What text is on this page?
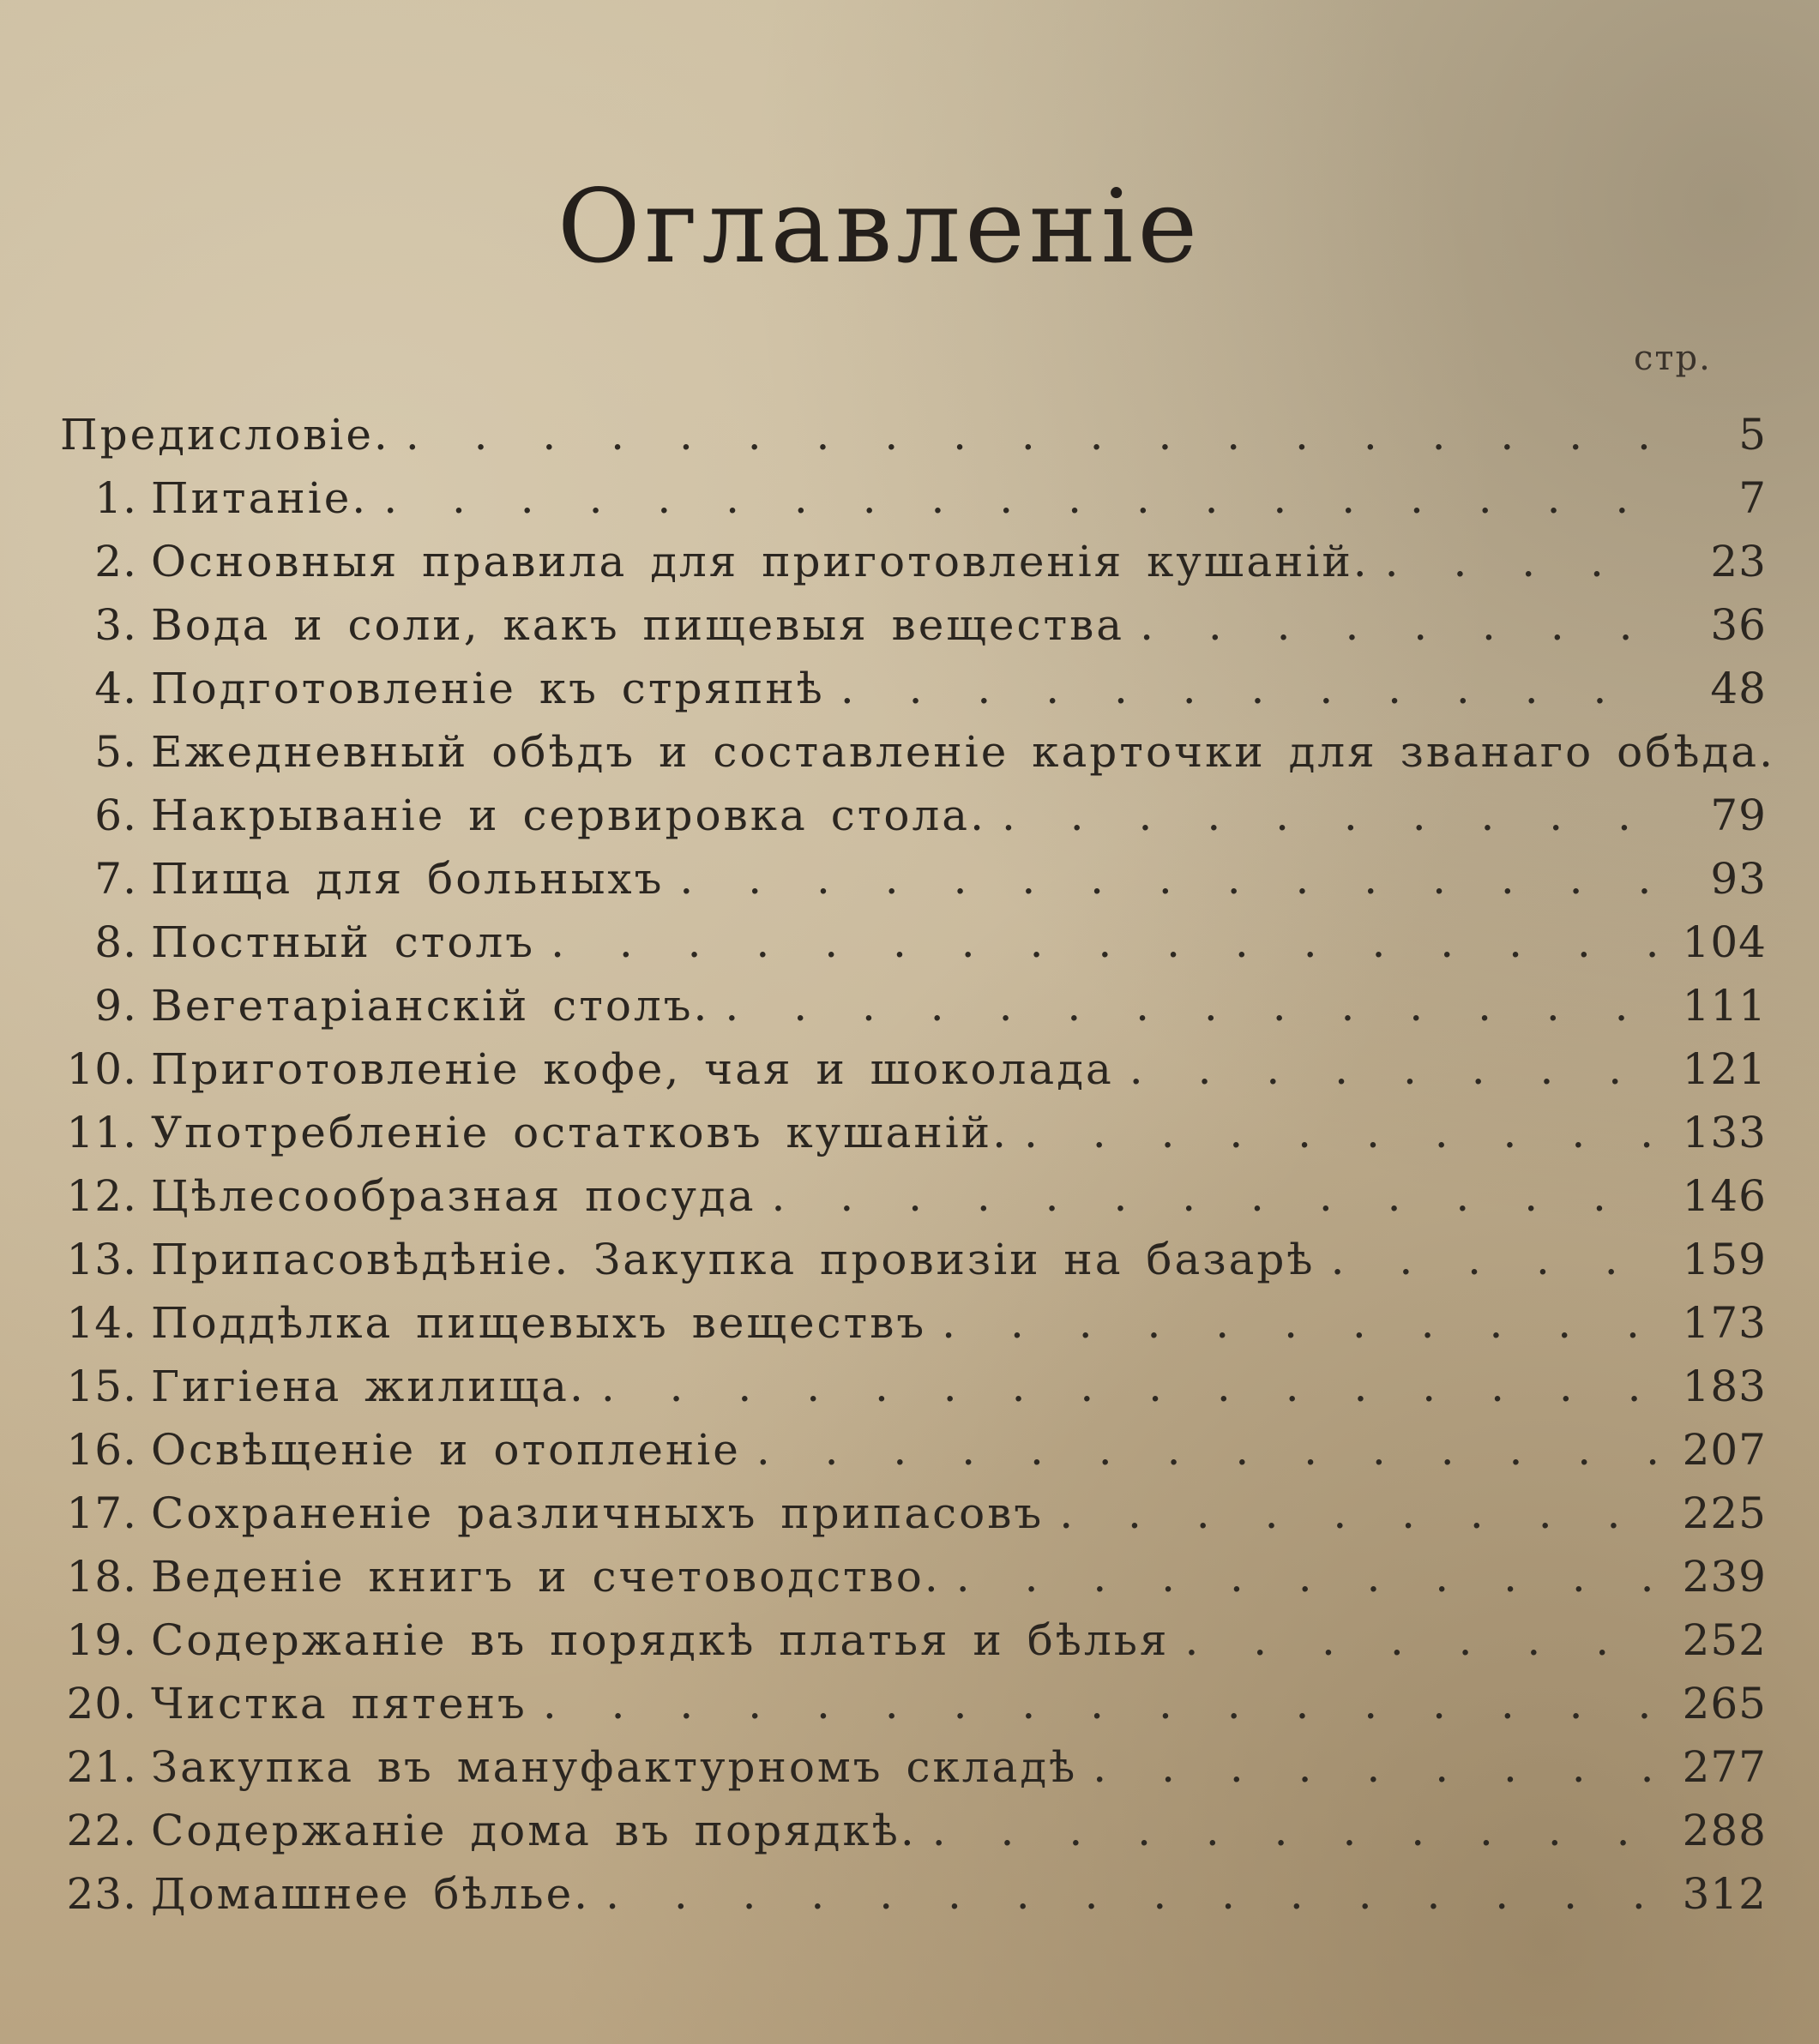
Оглавленіе
стр.
Предисловіе. . . .	5
1. Питаніе. . . .	7
2. Основныя правила для приготовленія кушаній. . . .	23
3. Вода и соли, какъ пищевыя вещества . . .	36
4. Подготовленіе къ стряпнѣ . . .	48
5. Ежедневный обѣдъ и составленіе карточки для званаго обѣда.
6. Накрываніе и сервировка стола. . . .	79
7. Пища для больныхъ . . .	93
8. Постный столъ . . .	104
9. Вегетаріанскій столъ. . . .	111
10. Приготовленіе кофе, чая и шоколада . . .	121
11. Употребленіе остатковъ кушаній. . . .	133
12. Цѣлесообразная посуда . . .	146
13. Припасовѣдѣніе. Закупка провизіи на базарѣ . . .	159
14. Поддѣлка пищевыхъ веществъ . . .	173
15. Гигіена жилища. . . .	183
16. Освѣщеніе и отопленіе . . .	207
17. Сохраненіе различныхъ припасовъ . . .	225
18. Веденіе книгъ и счетоводство. . . .	239
19. Содержаніе въ порядкѣ платья и бѣлья . . .	252
20. Чистка пятенъ . . .	265
21. Закупка въ мануфактурномъ складѣ . . .	277
22. Содержаніе дома въ порядкѣ. . . .	288
23. Домашнее бѣлье. . . .	312
